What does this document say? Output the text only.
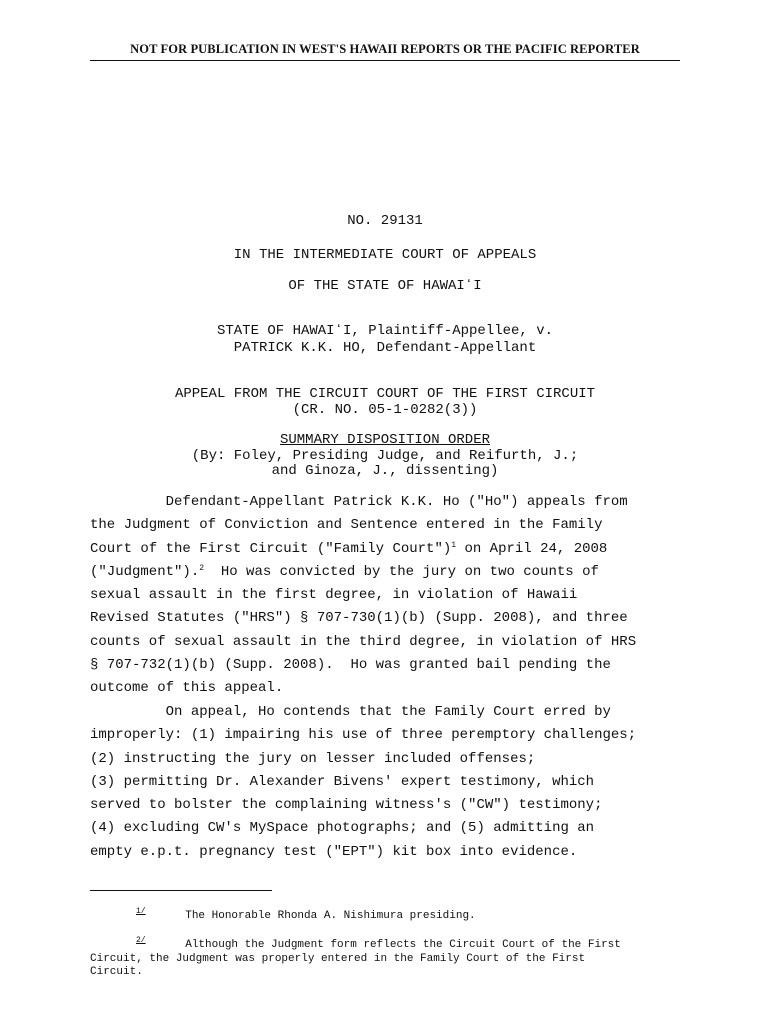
NOT FOR PUBLICATION IN WEST'S HAWAII REPORTS OR THE PACIFIC REPORTER
NO. 29131
IN THE INTERMEDIATE COURT OF APPEALS
OF THE STATE OF HAWAIʻI
STATE OF HAWAIʻI, Plaintiff-Appellee, v.
PATRICK K.K. HO, Defendant-Appellant
APPEAL FROM THE CIRCUIT COURT OF THE FIRST CIRCUIT
(CR. NO. 05-1-0282(3))
SUMMARY DISPOSITION ORDER
(By: Foley, Presiding Judge, and Reifurth, J.;
and Ginoza, J., dissenting)
Defendant-Appellant Patrick K.K. Ho ("Ho") appeals from
the Judgment of Conviction and Sentence entered in the Family
Court of the First Circuit ("Family Court")$^1$ on April 24, 2008
("Judgment").$^2$  Ho was convicted by the jury on two counts of
sexual assault in the first degree, in violation of Hawaii
Revised Statutes ("HRS") § 707-730(1)(b) (Supp. 2008), and three
counts of sexual assault in the third degree, in violation of HRS
§ 707-732(1)(b) (Supp. 2008).  Ho was granted bail pending the
outcome of this appeal.
On appeal, Ho contends that the Family Court erred by
improperly: (1) impairing his use of three peremptory challenges;
(2) instructing the jury on lesser included offenses;
(3) permitting Dr. Alexander Bivens' expert testimony, which
served to bolster the complaining witness's ("CW") testimony;
(4) excluding CW's MySpace photographs; and (5) admitting an
empty e.p.t. pregnancy test ("EPT") kit box into evidence.
$^{1/}$      The Honorable Rhonda A. Nishimura presiding.
$^{2/}$      Although the Judgment form reflects the Circuit Court of the First
Circuit, the Judgment was properly entered in the Family Court of the First
Circuit.
